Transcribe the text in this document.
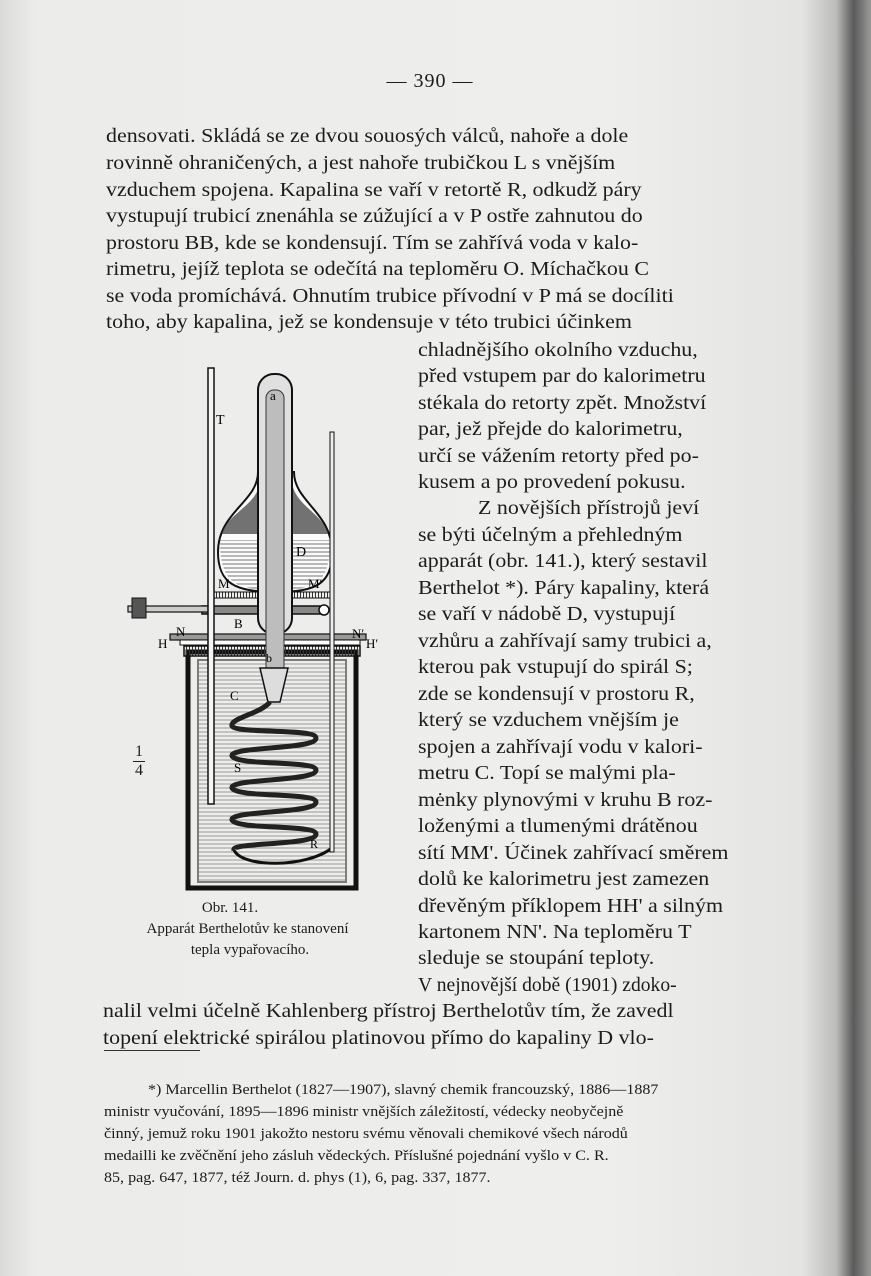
— 390 —
densovati. Skládá se ze dvou souosých válců, nahoře a dole
rovinně ohraničených, a jest nahoře trubičkou L s vnějším
vzduchem spojena. Kapalina se vaří v retortě R, odkudž páry
vystupují trubicí znenáhla se zúžující a v P ostře zahnutou do
prostoru BB, kde se kondensují. Tím se zahřívá voda v kalo-
rimetru, jejíž teplota se odečítá na teploměru O. Míchačkou C
se voda promíchává. Ohnutím trubice přívodní v P má se docíliti
toho, aby kapalina, jež se kondensuje v této trubici účinkem
chladnějšího okolního vzduchu,
před vstupem par do kalorimetru
stékala do retorty zpět. Množství
par, jež přejde do kalorimetru,
určí se vážením retorty před po-
kusem a po provedení pokusu.
Z novějších přístrojů jeví
se býti účelným a přehledným
apparát (obr. 141.), který sestavil
Berthelot *). Páry kapaliny, která
se vaří v nádobě D, vystupují
vzhůru a zahřívají samy trubici a,
kterou pak vstupují do spirál S;
zde se kondensují v prostoru R,
který se vzduchem vnějším je
spojen a zahřívají vodu v kalori-
metru C. Topí se malými pla-
mėnky plynovými v kruhu B roz-
loženými a tlumenými drátěnou
sítí MM'. Účinek zahřívací směrem
dolů ke kalorimetru jest zamezen
dřevěným příklopem HH' a silným
kartonem NN'. Na teploměru T
sleduje se stoupání teploty.
V nejnovější době (1901) zdoko-
nalil velmi účelně Kahlenberg přístroj Berthelotův tím, že zavedl
topení elektrické spirálou platinovou přímo do kapaliny D vlo-
a
T
D
M	M′
B
N	N′
H	H′
b
C
S
R
1
4
Obr. 141.
Apparát Berthelotův ke stanovení
tepla vypařovacího.
*) Marcellin Berthelot (1827—1907), slavný chemik francouzský, 1886—1887
ministr vyučování, 1895—1896 ministr vnějších záležitostí, védecky neobyčejně
činný, jemuž roku 1901 jakožto nestoru svému věnovali chemikové všech národů
medailli ke zvěčnění jeho zásluh vědeckých. Příslušné pojednání vyšlo v C. R.
85, pag. 647, 1877, též Journ. d. phys (1), 6, pag. 337, 1877.
